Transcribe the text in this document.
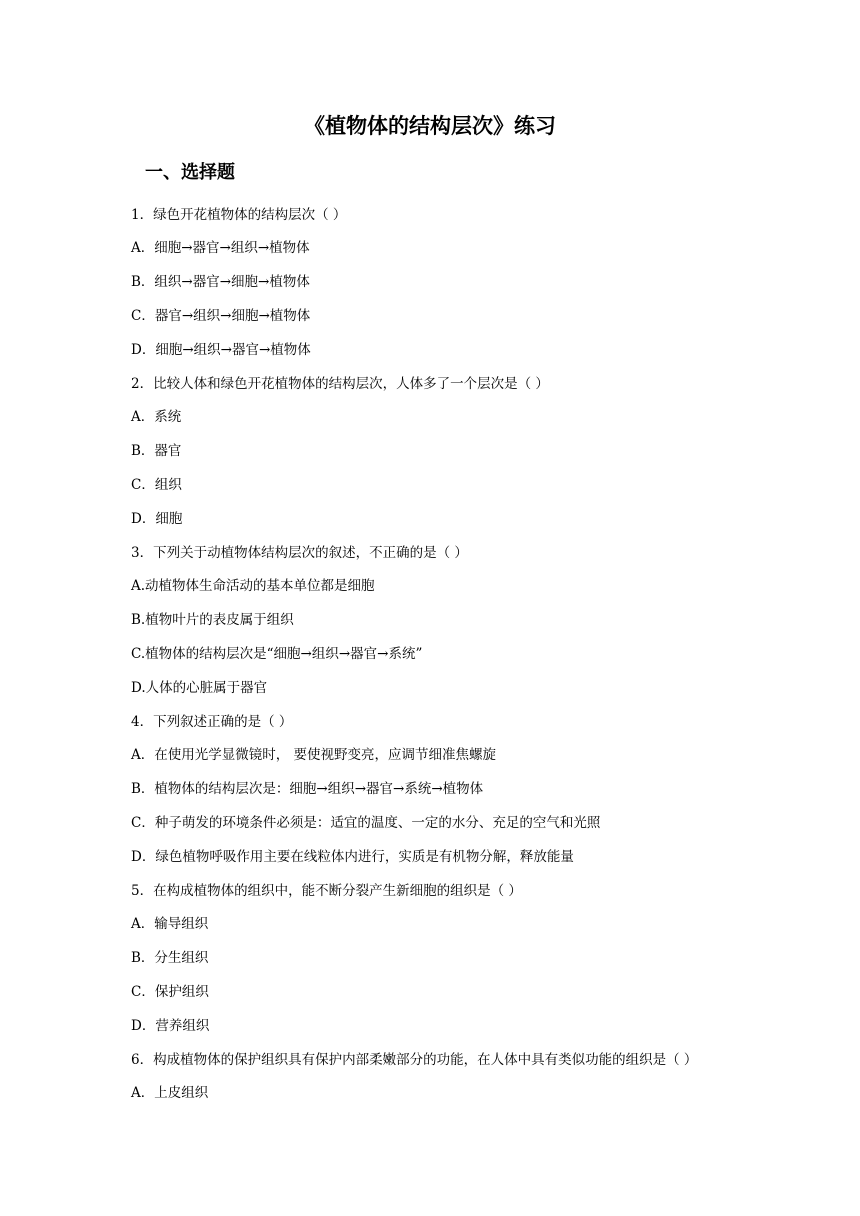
《植物体的结构层次》练习
一、选择题
1．绿色开花植物体的结构层次（ ）
A．细胞→器官→组织→植物体
B．组织→器官→细胞→植物体
C．器官→组织→细胞→植物体
D．细胞→组织→器官→植物体
2．比较人体和绿色开花植物体的结构层次，人体多了一个层次是（ ）
A．系统
B．器官
C．组织
D．细胞
3．下列关于动植物体结构层次的叙述，不正确的是（ ）
A.动植物体生命活动的基本单位都是细胞
B.植物叶片的表皮属于组织
C.植物体的结构层次是“细胞→组织→器官→系统”
D.人体的心脏属于器官
4．下列叙述正确的是（ ）
A．在使用光学显微镜时， 要使视野变亮，应调节细准焦螺旋
B．植物体的结构层次是：细胞→组织→器官→系统→植物体
C．种子萌发的环境条件必须是：适宜的温度、一定的水分、充足的空气和光照
D．绿色植物呼吸作用主要在线粒体内进行，实质是有机物分解，释放能量
5．在构成植物体的组织中，能不断分裂产生新细胞的组织是（ ）
A．输导组织
B．分生组织
C．保护组织
D．营养组织
6．构成植物体的保护组织具有保护内部柔嫩部分的功能，在人体中具有类似功能的组织是（ ）
A．上皮组织
